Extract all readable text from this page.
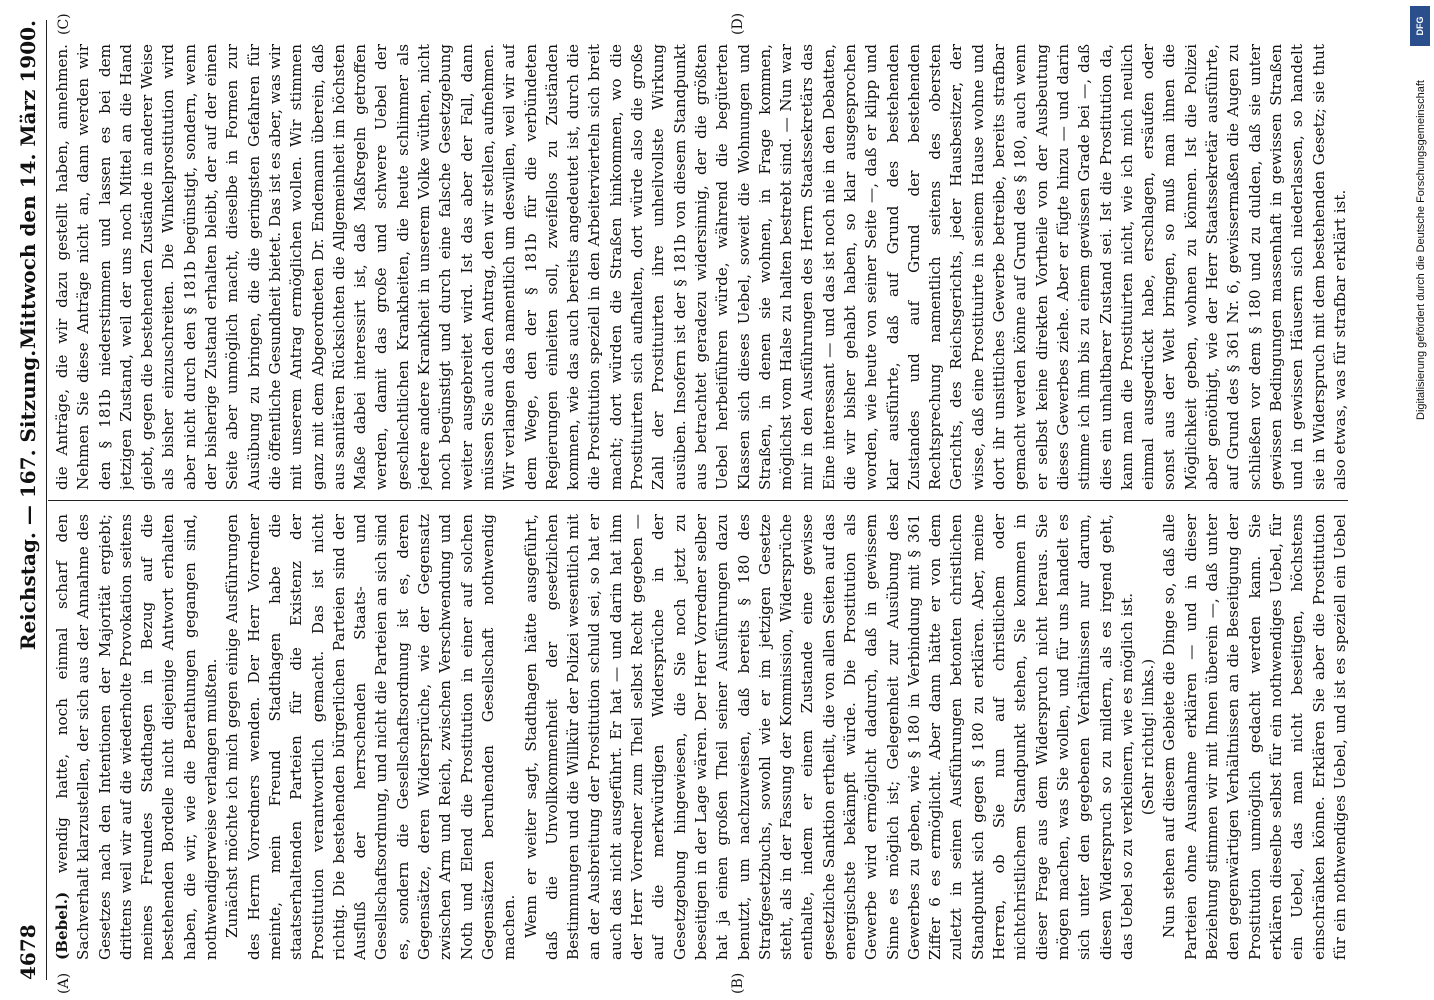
4678
Reichstag. — 167. Sitzung.
Mittwoch den 14. März 1900.
(A)	(B)
(C)	(D)

(Bebel.) wendig hatte, noch einmal scharf den Sachverhalt klarzustellen, der sich aus der Annahme des Gesetzes nach den Intentionen der Majorität ergiebt; drittens weil wir auf die wiederholte Provokation seitens meines Freundes Stadthagen in Bezug auf die bestehenden Bordelle nicht diejenige Antwort erhalten haben, die wir, wie die Berathungen gegangen sind, nothwendigerweise verlangen mußten. Zunächst möchte ich mich gegen einige Ausführungen des Herrn Vorredners wenden. Der Herr Vorredner meinte, mein Freund Stadthagen habe die staatserhaltenden Parteien für die Existenz der Prostitution verantwortlich gemacht. Das ist nicht richtig. Die bestehenden bürgerlichen Parteien sind der Ausfluß der herrschenden Staats- und Gesellschaftsordnung, und nicht die Parteien an sich sind es, sondern die Gesellschaftsordnung ist es, deren Gegensätze, deren Widersprüche, wie der Gegensatz zwischen Arm und Reich, zwischen Verschwendung und Noth und Elend die Prostitution in einer auf solchen Gegensätzen beruhenden Gesellschaft nothwendig machen. Wenn er weiter sagt, Stadthagen hätte ausgeführt, daß die Unvollkommenheit der gesetzlichen Bestimmungen und die Willkür der Polizei wesentlich mit an der Ausbreitung der Prostitution schuld sei, so hat er auch das nicht ausgeführt. Er hat — und darin hat ihm der Herr Vorredner zum Theil selbst Recht gegeben — auf die merkwürdigen Widersprüche in der Gesetzgebung hingewiesen, die Sie noch jetzt zu beseitigen in der Lage wären. Der Herr Vorredner selber hat ja einen großen Theil seiner Ausführungen dazu benutzt, um nachzuweisen, daß bereits § 180 des Strafgesetzbuchs, sowohl wie er im jetzigen Gesetze steht, als in der Fassung der Kommission, Widersprüche enthalte, indem er einem Zustande eine gewisse gesetzliche Sanktion ertheilt, die von allen Seiten auf das energischste bekämpft würde. Die Prostitution als Gewerbe wird ermöglicht dadurch, daß in gewissem Sinne es möglich ist; Gelegenheit zur Ausübung des Gewerbes zu geben, wie § 180 in Verbindung mit § 361 Ziffer 6 es ermöglicht. Aber dann hätte er von dem zuletzt in seinen Ausführungen betonten christlichen Standpunkt sich gegen § 180 zu erklären. Aber, meine Herren, ob Sie nun auf christlichem oder nichtchristlichem Standpunkt stehen, Sie kommen in dieser Frage aus dem Widerspruch nicht heraus. Sie mögen machen, was Sie wollen, und für uns handelt es sich unter den gegebenen Verhältnissen nur darum, diesen Widerspruch so zu mildern, als es irgend geht, das Uebel so zu verkleinern, wie es möglich ist. (Sehr richtig! links.)

Nun stehen auf diesem Gebiete die Dinge so, daß alle Parteien ohne Ausnahme erklären — und in dieser Beziehung stimmen wir mit Ihnen überein —, daß unter den gegenwärtigen Verhältnissen an die Beseitigung der Prostitution unmöglich gedacht werden kann. Sie erklären dieselbe selbst für ein nothwendiges Uebel, für ein Uebel, das man nicht beseitigen, höchstens einschränken könne. Erklären Sie aber die Prostitution für ein nothwendiges Uebel, und ist es speziell ein Uebel

die Anträge, die wir dazu gestellt haben, annehmen. Nehmen Sie diese Anträge nicht an, dann werden wir den § 181b niederstimmen und lassen es bei dem jetzigen Zustand, weil der uns noch Mittel an die Hand giebt, gegen die bestehenden Zustände in anderer Weise als bisher einzuschreiten. Die Winkelprostitution wird aber nicht durch den § 181b begünstigt, sondern, wenn der bisherige Zustand erhalten bleibt, der auf der einen Seite aber unmöglich macht, dieselbe in Formen zur Ausübung zu bringen, die die geringsten Gefahren für die öffentliche Gesundheit bietet. Das ist es aber, was wir mit unserem Antrag ermöglichen wollen. Wir stimmen ganz mit dem Abgeordneten Dr. Endemann überein, daß aus sanitären Rücksichten die Allgemeinheit im höchsten Maße dabei interessirt ist, daß Maßregeln getroffen werden, damit das große und schwere Uebel der geschlechtlichen Krankheiten, die heute schlimmer als jedere andere Krankheit in unserem Volke wüthen, nicht noch begünstigt und durch eine falsche Gesetzgebung weiter ausgebreitet wird. Ist das aber der Fall, dann müssen Sie auch den Antrag, den wir stellen, aufnehmen. Wir verlangen das namentlich um deswillen, weil wir auf dem Wege, den der § 181b für die verbündeten Regierungen einleiten soll, zweifellos zu Zuständen kommen, wie das auch bereits angedeutet ist, durch die die Prostitution speziell in den Arbeitervierteln sich breit macht; dort würden die Straßen hinkommen, wo die Prostituirten sich aufhalten, dort würde also die große Zahl der Prostituirten ihre unheilvollste Wirkung ausüben. Insofern ist der § 181b von diesem Standpunkt aus betrachtet geradezu widersinnig, der die größten Uebel herbeiführen würde, während die begüterten Klassen sich dieses Uebel, soweit die Wohnungen und Straßen, in denen sie wohnen, in Frage kommen, möglichst vom Halse zu halten bestrebt sind. — Nun war mir in den Ausführungen des Herrn Staatssekretärs das Eine interessant — und das ist noch nie in den Debatten, die wir bisher gehabt haben, so klar ausgesprochen worden, wie heute von seiner Seite —, daß er klipp und klar ausführte, daß auf Grund des bestehenden Zustandes und auf Grund der bestehenden Rechtsprechung namentlich seitens des obersten Gerichts, des Reichsgerichts, jeder Hausbesitzer, der wisse, daß eine Prostituirte in seinem Hause wohne und dort ihr unsittliches Gewerbe betreibe, bereits strafbar gemacht werden könne auf Grund des § 180, auch wenn er selbst keine direkten Vortheile von der Ausbeutung dieses Gewerbes ziehe. Aber er fügte hinzu — und darin stimme ich ihm bis zu einem gewissen Grade bei —, daß dies ein unhaltbarer Zustand sei. Ist die Prostitution da, kann man die Prostituirten nicht, wie ich mich neulich einmal ausgedrückt habe, erschlagen, ersäufen oder sonst aus der Welt bringen, so muß man ihnen die Möglichkeit geben, wohnen zu können. Ist die Polizei aber genöthigt, wie der Herr Staatssekretär ausführte, auf Grund des § 361 Nr. 6, gewissermaßen die Augen zu schließen vor dem § 180 und zu dulden, daß sie unter gewissen Bedingungen massenhaft in gewissen Straßen und in gewissen Häusern sich niederlassen, so handelt sie in Widerspruch mit dem bestehenden Gesetz; sie thut also etwas, was für strafbar erklärt ist.	Digitalisierung gefördert durch die Deutsche Forschungsgemeinschaft
DFG
